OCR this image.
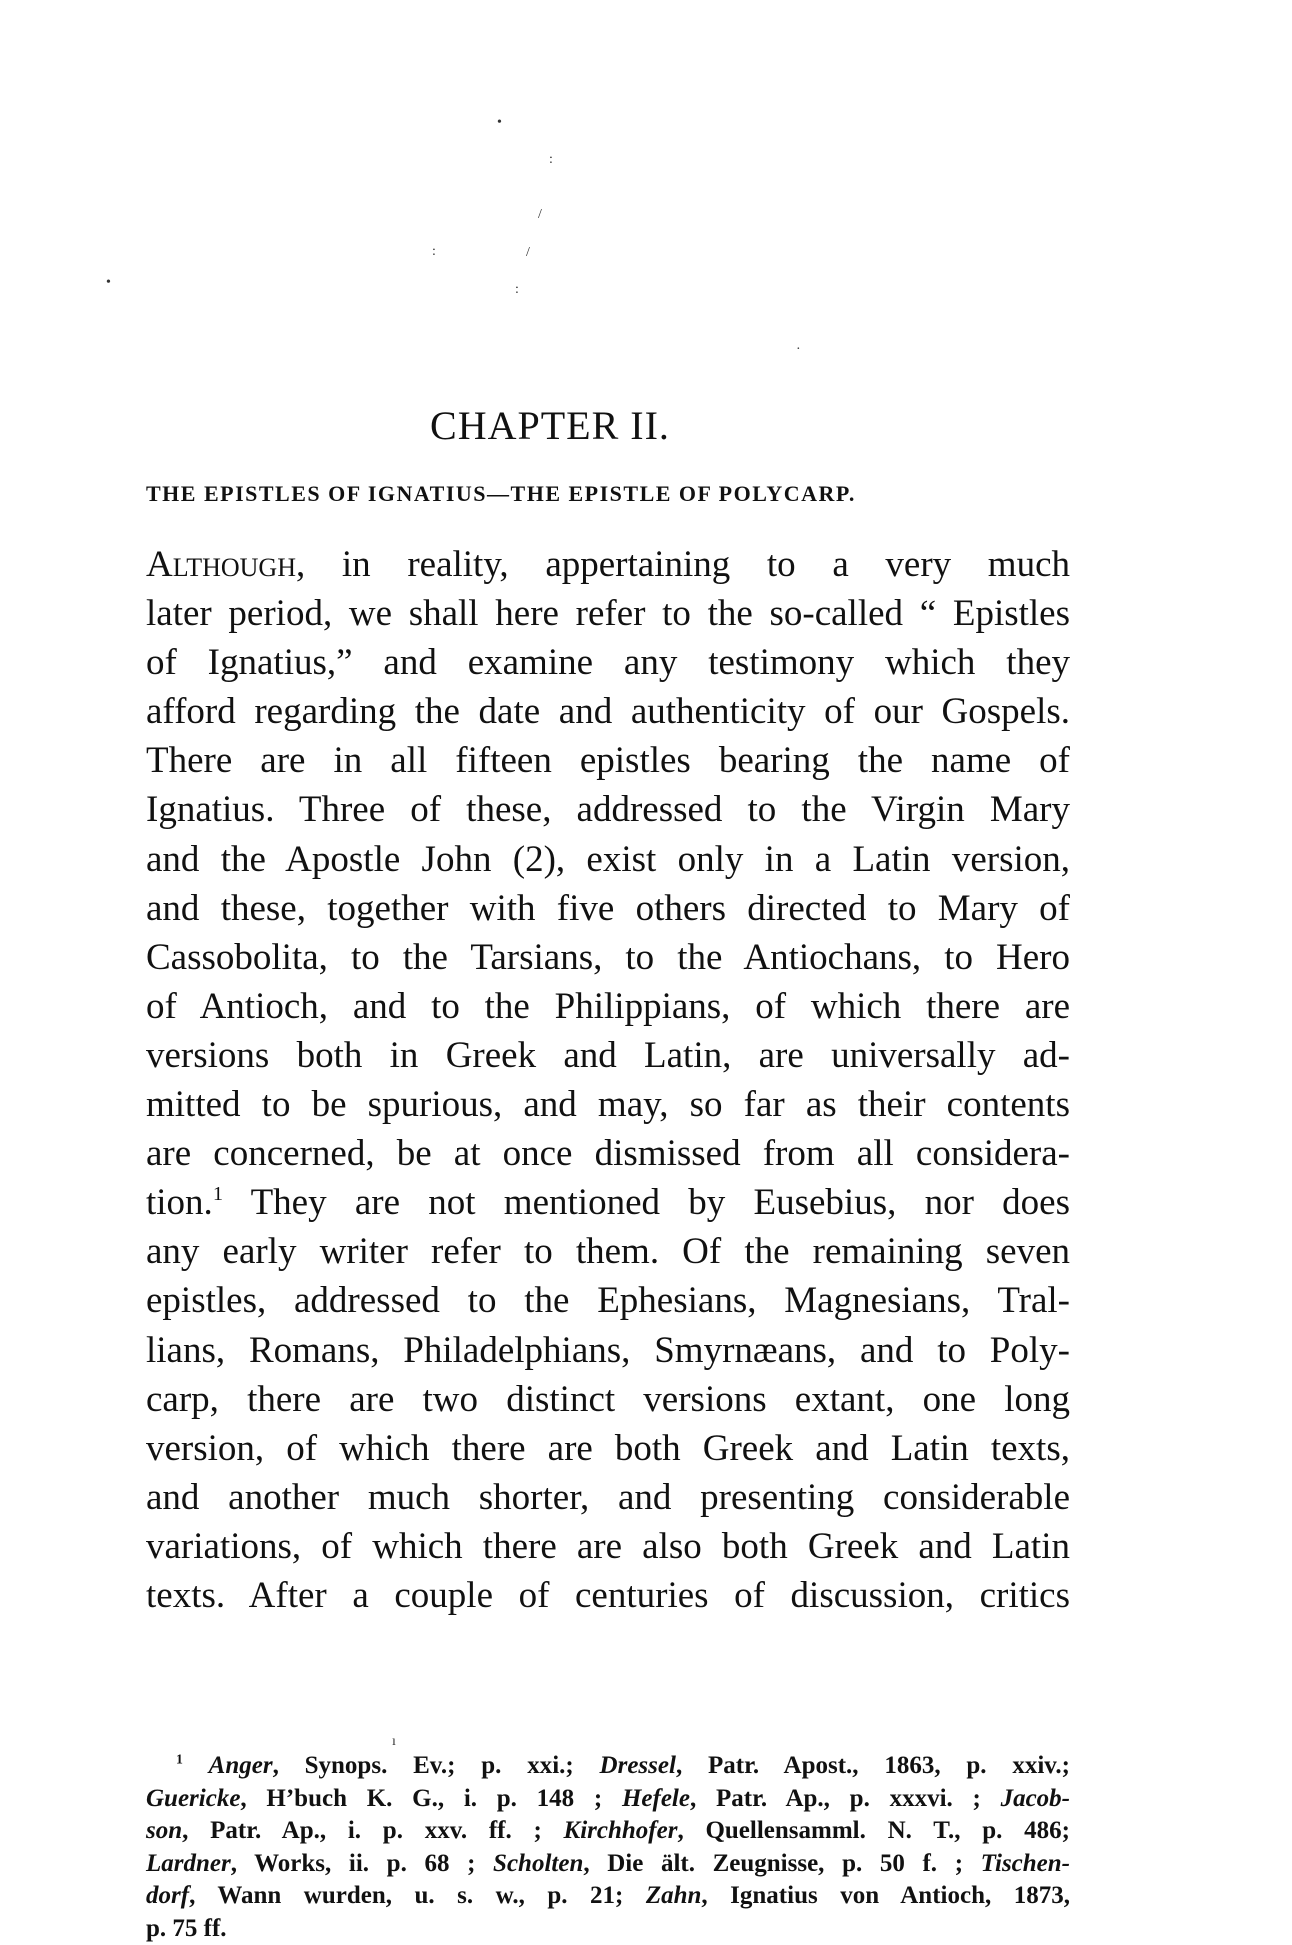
•
:
/
:	/
•	:
·
CHAPTER II.
THE EPISTLES OF IGNATIUS—THE EPISTLE OF POLYCARP.
Although, in reality, appertaining to a very much
later period, we shall here refer to the so-called “ Epistles
of Ignatius,” and examine any testimony which they
afford regarding the date and authenticity of our Gospels.
There are in all fifteen epistles bearing the name of
Ignatius. Three of these, addressed to the Virgin Mary
and the Apostle John (2), exist only in a Latin version,
and these, together with five others directed to Mary of
Cassobolita, to the Tarsians, to the Antiochans, to Hero
of Antioch, and to the Philippians, of which there are
versions both in Greek and Latin, are universally ad-
mitted to be spurious, and may, so far as their contents
are concerned, be at once dismissed from all considera-
tion.$^1$ They are not mentioned by Eusebius, nor does
any early writer refer to them. Of the remaining seven
epistles, addressed to the Ephesians, Magnesians, Tral-
lians, Romans, Philadelphians, Smyrnæans, and to Poly-
carp, there are two distinct versions extant, one long
version, of which there are both Greek and Latin texts,
and another much shorter, and presenting considerable
variations, of which there are also both Greek and Latin
texts. After a couple of centuries of discussion, critics
ı
$^1$ Anger, Synops. Ev.; p. xxi.; Dressel, Patr. Apost., 1863, p. xxiv.;
Guericke, H’buch K. G., i. p. 148 ; Hefele, Patr. Ap., p. xxxvi. ; Jacob-
son, Patr. Ap., i. p. xxv. ff. ; Kirchhofer, Quellensamml. N. T., p. 486;
Lardner, Works, ii. p. 68 ; Scholten, Die ält. Zeugnisse, p. 50 f. ; Tischen-
dorf, Wann wurden, u. s. w., p. 21; Zahn, Ignatius von Antioch, 1873,
p. 75 ff.
